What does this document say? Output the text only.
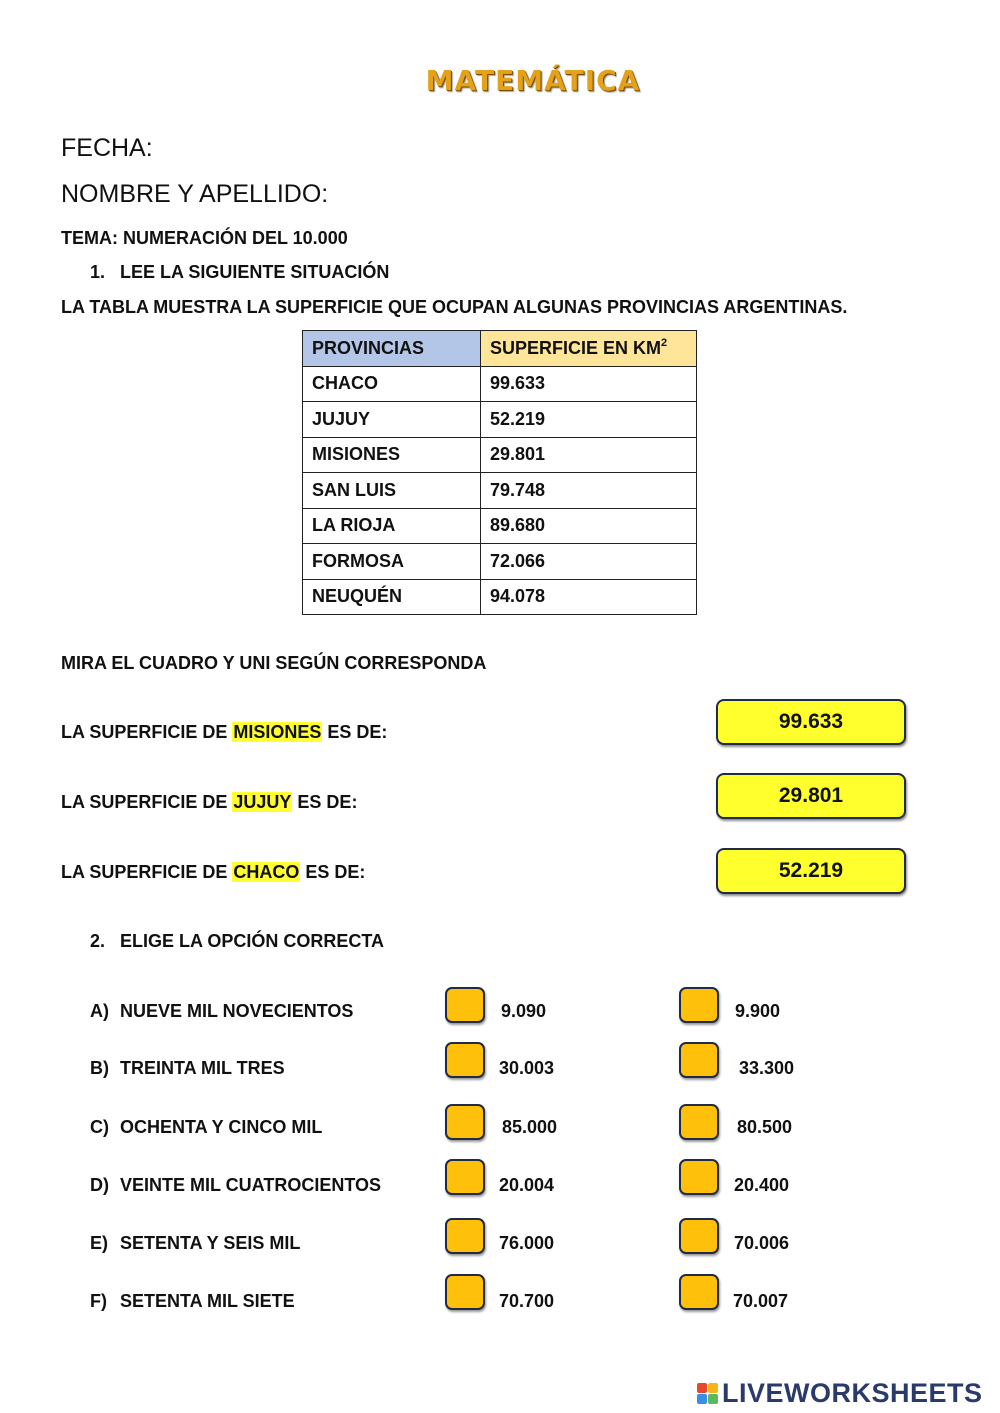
MATEMÁTICA
FECHA:
NOMBRE Y APELLIDO:
TEMA: NUMERACIÓN DEL 10.000
1. LEE LA SIGUIENTE SITUACIÓN
LA TABLA MUESTRA LA SUPERFICIE QUE OCUPAN ALGUNAS PROVINCIAS ARGENTINAS.
PROVINCIAS	SUPERFICIE EN $KM^2$
CHACO	99.633
JUJUY	52.219
MISIONES	29.801
SAN LUIS	79.748
LA RIOJA	89.680
FORMOSA	72.066
NEUQUÉN	94.078
MIRA EL CUADRO Y UNI SEGÚN CORRESPONDA
LA SUPERFICIE DE MISIONES ES DE:
LA SUPERFICIE DE JUJUY ES DE:
LA SUPERFICIE DE CHACO ES DE:
99.633
29.801
52.219
2. ELIGE LA OPCIÓN CORRECTA
A) NUEVE MIL NOVECIENTOS	9.090	9.900
B) TREINTA MIL TRES	30.003	33.300
C) OCHENTA Y CINCO MIL	85.000	80.500
D) VEINTE MIL CUATROCIENTOS	20.004	20.400
E) SETENTA Y SEIS MIL	76.000	70.006
F) SETENTA MIL SIETE	70.700	70.007
LIVEWORKSHEETS
